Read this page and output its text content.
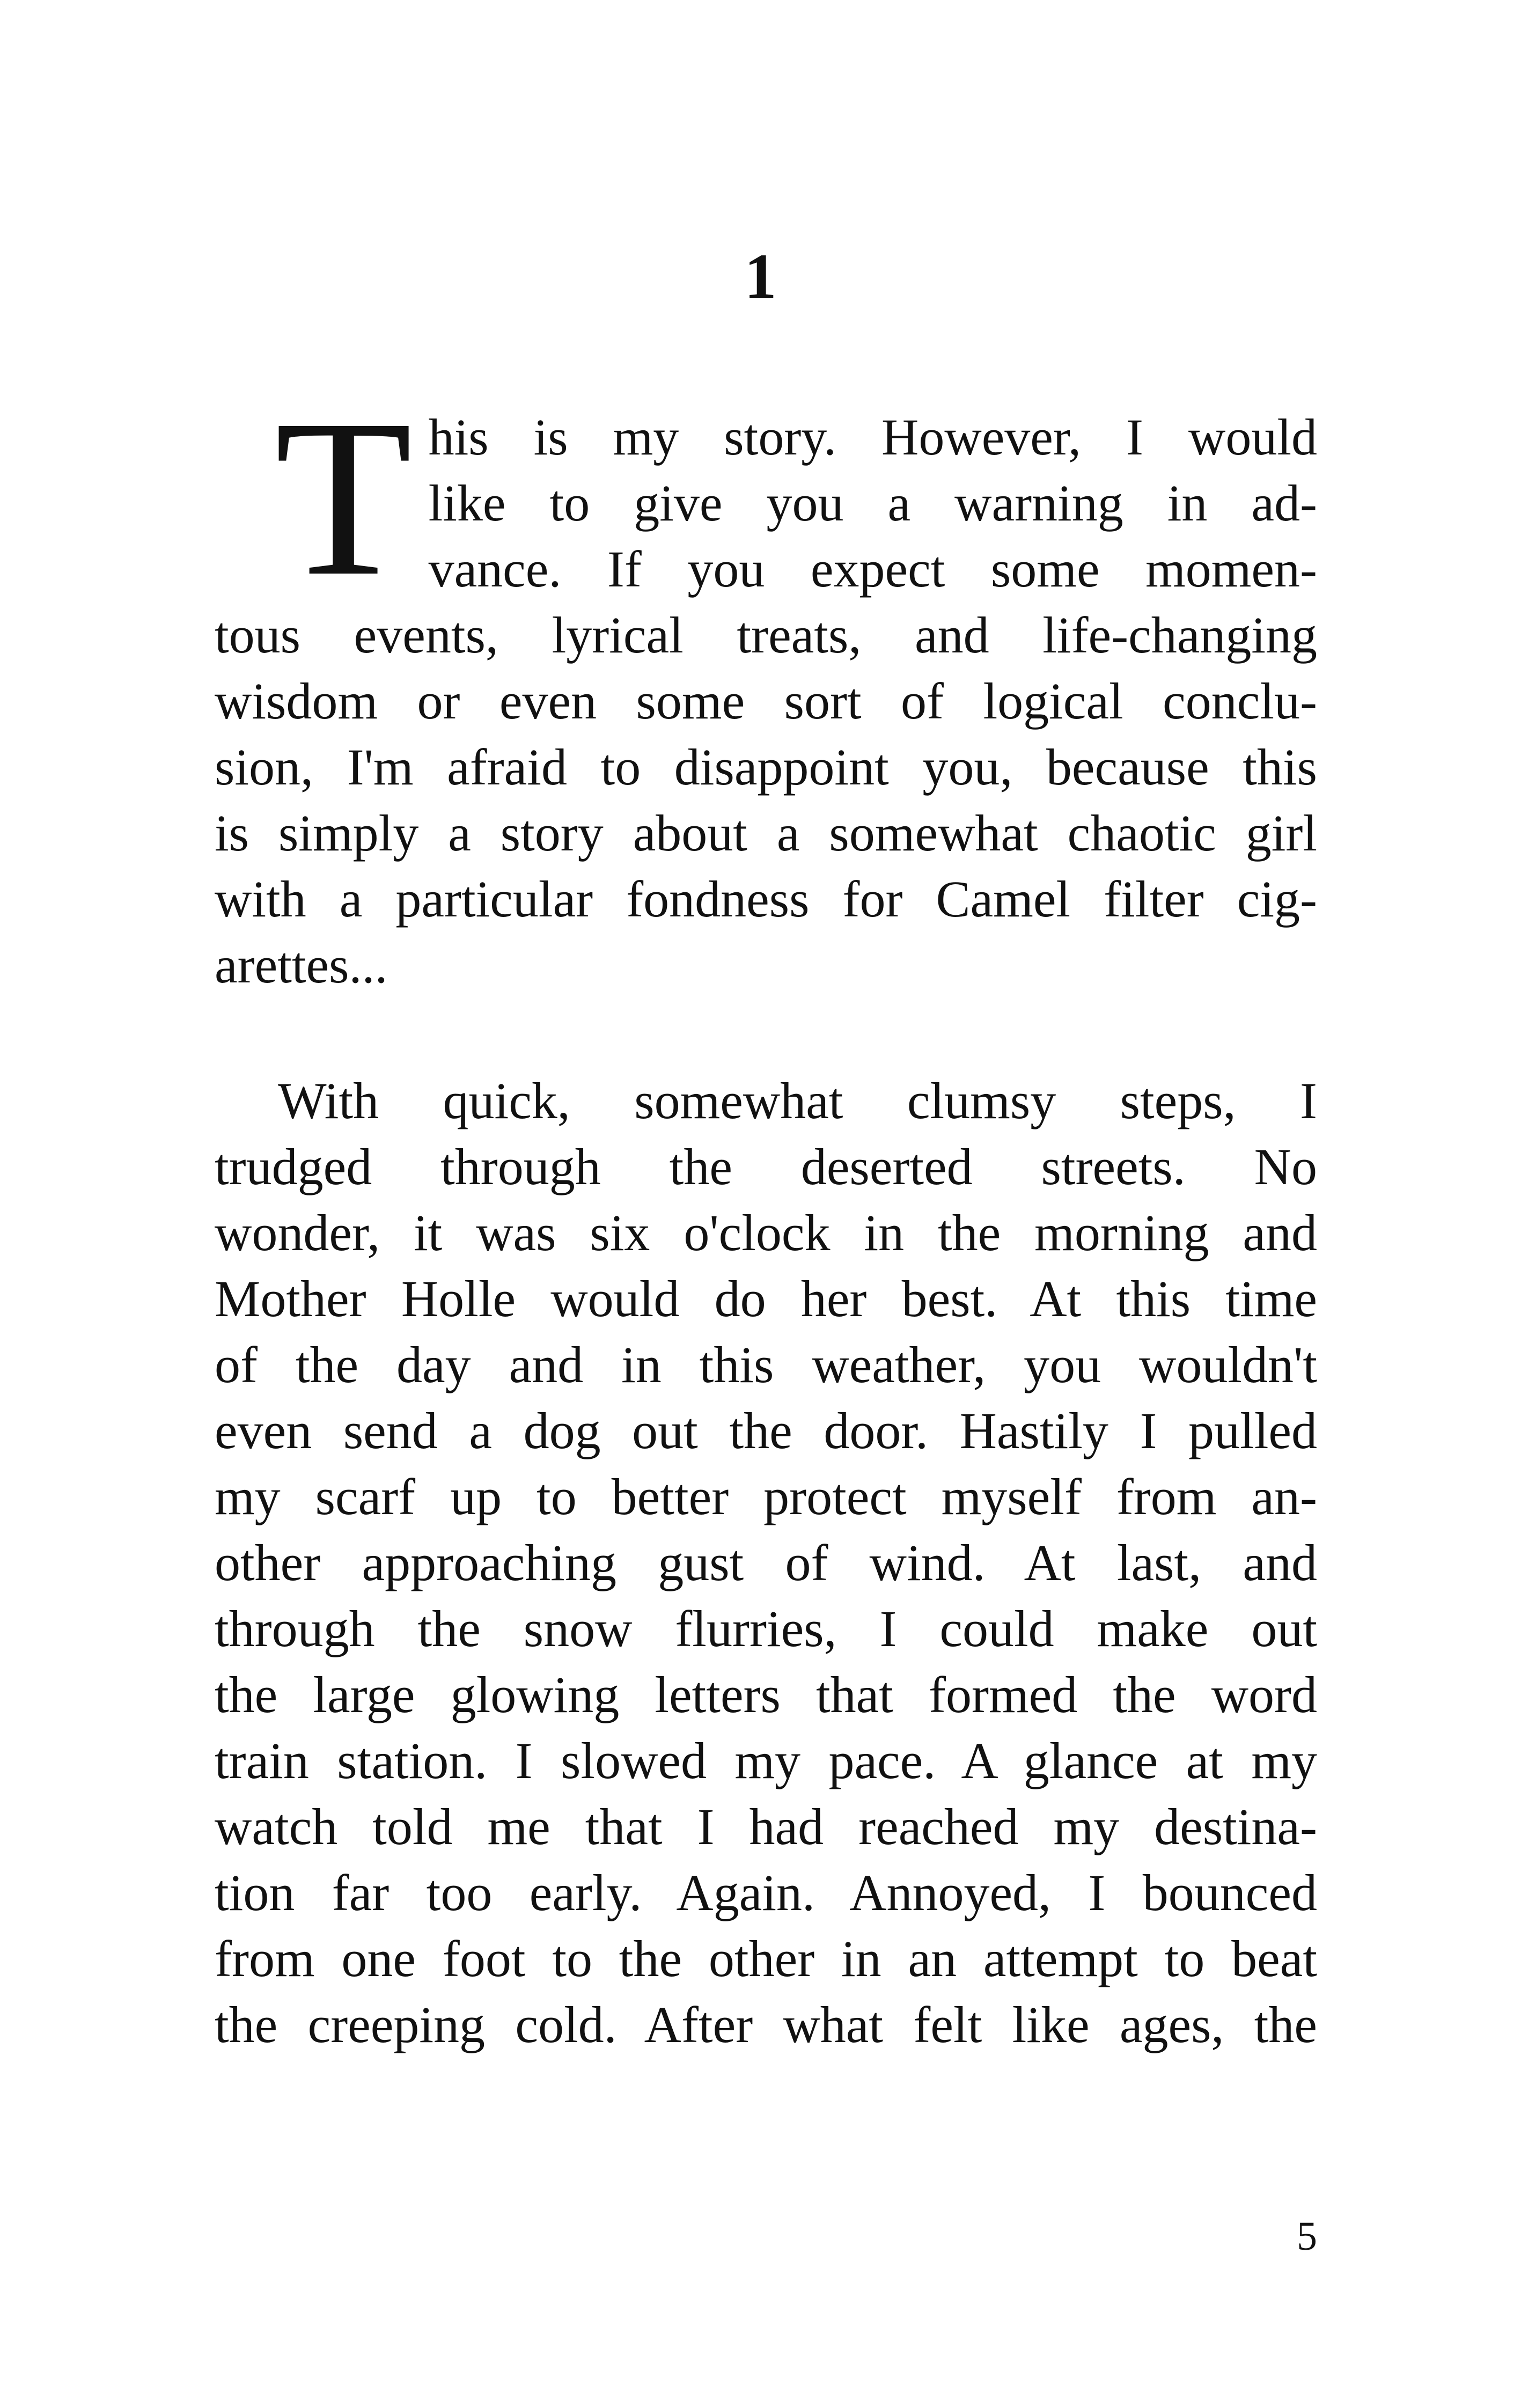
1
T his is my story. However, I would
like to give you a warning in ad-
vance. If you expect some momen-
tous events, lyrical treats, and life-changing
wisdom or even some sort of logical conclu-
sion, I'm afraid to disappoint you, because this
is simply a story about a somewhat chaotic girl
with a particular fondness for Camel filter cig-
arettes...
With quick, somewhat clumsy steps, I
trudged through the deserted streets. No
wonder, it was six o'clock in the morning and
Mother Holle would do her best. At this time
of the day and in this weather, you wouldn't
even send a dog out the door. Hastily I pulled
my scarf up to better protect myself from an-
other approaching gust of wind. At last, and
through the snow flurries, I could make out
the large glowing letters that formed the word
train station. I slowed my pace. A glance at my
watch told me that I had reached my destina-
tion far too early. Again. Annoyed, I bounced
from one foot to the other in an attempt to beat
the creeping cold. After what felt like ages, the
5
